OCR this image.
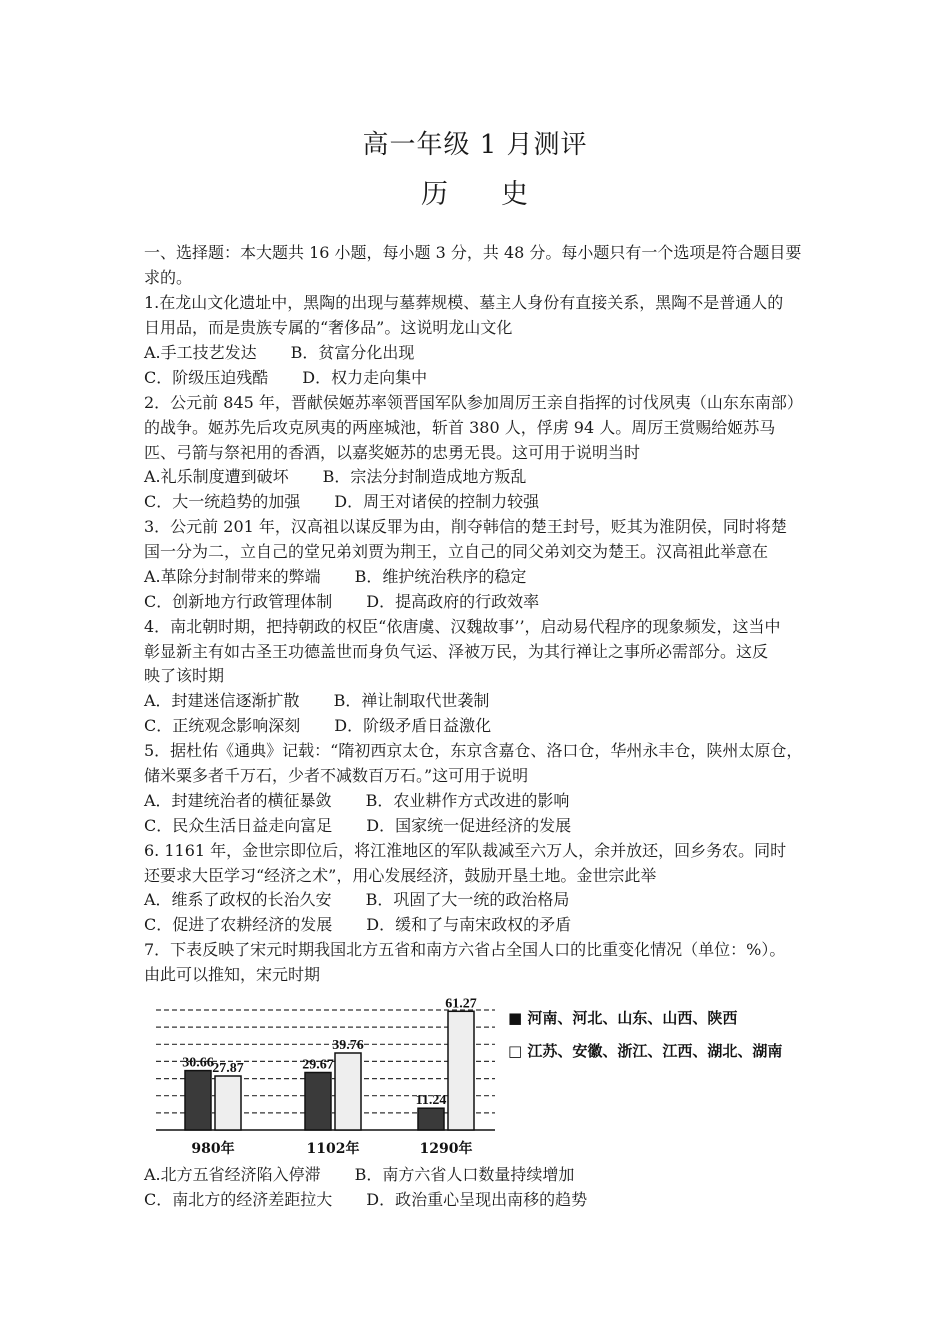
高一年级 1 月测评
历 史
一、选择题：本大题共 16 小题，每小题 3 分，共 48 分。每小题只有一个选项是符合题目要
求的。
1.在龙山文化遗址中，黑陶的出现与墓葬规模、墓主人身份有直接关系，黑陶不是普通人的
日用品，而是贵族专属的“奢侈品”。这说明龙山文化
A.手工技艺发达 B．贫富分化出现
C．阶级压迫残酷 D．权力走向集中
2．公元前 845 年，晋献侯姬苏率领晋国军队参加周厉王亲自指挥的讨伐夙夷（山东东南部）
的战争。姬苏先后攻克夙夷的两座城池，斩首 380 人，俘虏 94 人。周厉王赏赐给姬苏马
匹、弓箭与祭祀用的香酒，以嘉奖姬苏的忠勇无畏。这可用于说明当时
A.礼乐制度遭到破坏 B．宗法分封制造成地方叛乱
C．大一统趋势的加强 D．周王对诸侯的控制力较强
3．公元前 201 年，汉高祖以谋反罪为由，削夺韩信的楚王封号，贬其为淮阴侯，同时将楚
国一分为二，立自己的堂兄弟刘贾为荆王，立自己的同父弟刘交为楚王。汉高祖此举意在
A.革除分封制带来的弊端 B．维护统治秩序的稳定
C．创新地方行政管理体制 D．提高政府的行政效率
4．南北朝时期，把持朝政的权臣“依唐虞、汉魏故事’’，启动易代程序的现象频发，这当中
彰显新主有如古圣王功德盖世而身负气运、泽被万民，为其行禅让之事所必需部分。这反
映了该时期
A．封建迷信逐渐扩散 B．禅让制取代世袭制
C．正统观念影响深刻 D．阶级矛盾日益激化
5．据杜佑《通典》记载：“隋初西京太仓，东京含嘉仓、洛口仓，华州永丰仓，陕州太原仓，
储米粟多者千万石，少者不减数百万石。”这可用于说明
A．封建统治者的横征暴敛 B．农业耕作方式改进的影响
C．民众生活日益走向富足 D．国家统一促进经济的发展
6. 1161 年，金世宗即位后，将江淮地区的军队裁减至六万人，余并放还，回乡务农。同时
还要求大臣学习“经济之术”，用心发展经济，鼓励开垦土地。金世宗此举
A．维系了政权的长治久安 B．巩固了大一统的政治格局
C．促进了农耕经济的发展 D．缓和了与南宋政权的矛盾
7．下表反映了宋元时期我国北方五省和南方六省占全国人口的比重变化情况（单位：%）。
由此可以推知，宋元时期
30.66
27.87
980年
29.67
39.76
1102年
11.24
61.27
1290年
■ 河南、河北、山东、山西、陕西
□ 江苏、安徽、浙江、江西、湖北、湖南
A.北方五省经济陷入停滞 B．南方六省人口数量持续增加
C．南北方的经济差距拉大 D．政治重心呈现出南移的趋势
